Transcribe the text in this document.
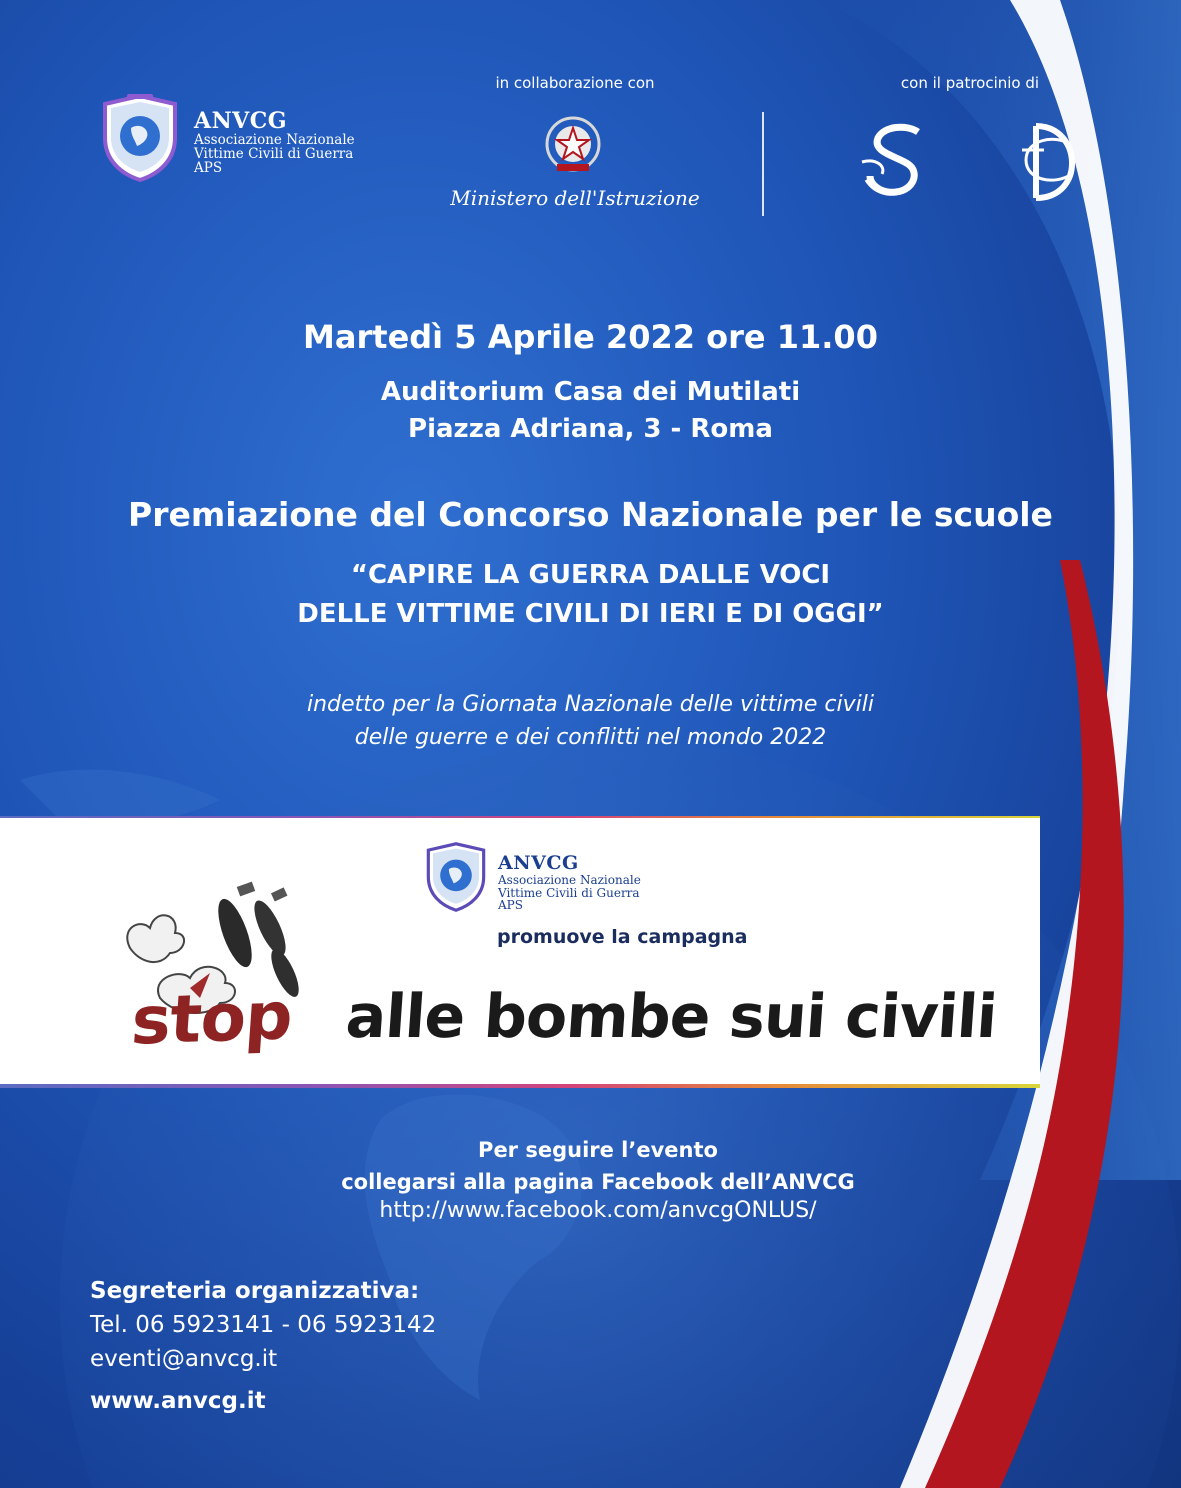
ANVCG
Associazione Nazionale
Vittime Civili di Guerra
APS
in collaborazione con
Ministero dell'Istruzione
con il patrocinio di
Martedì 5 Aprile 2022 ore 11.00
Auditorium Casa dei Mutilati
Piazza Adriana, 3 - Roma
Premiazione del Concorso Nazionale per le scuole
“CAPIRE LA GUERRA DALLE VOCI
DELLE VITTIME CIVILI DI IERI E DI OGGI”
indetto per la Giornata Nazionale delle vittime civili
delle guerre e dei conflitti nel mondo 2022
ANVCG
Associazione Nazionale
Vittime Civili di Guerra
APS
promuove la campagna
stop alle bombe sui civili
Per seguire l’evento
collegarsi alla pagina Facebook dell’ANVCG
http://www.facebook.com/anvcgONLUS/
Segreteria organizzativa:
Tel. 06 5923141 - 06 5923142
eventi@anvcg.it
www.anvcg.it
